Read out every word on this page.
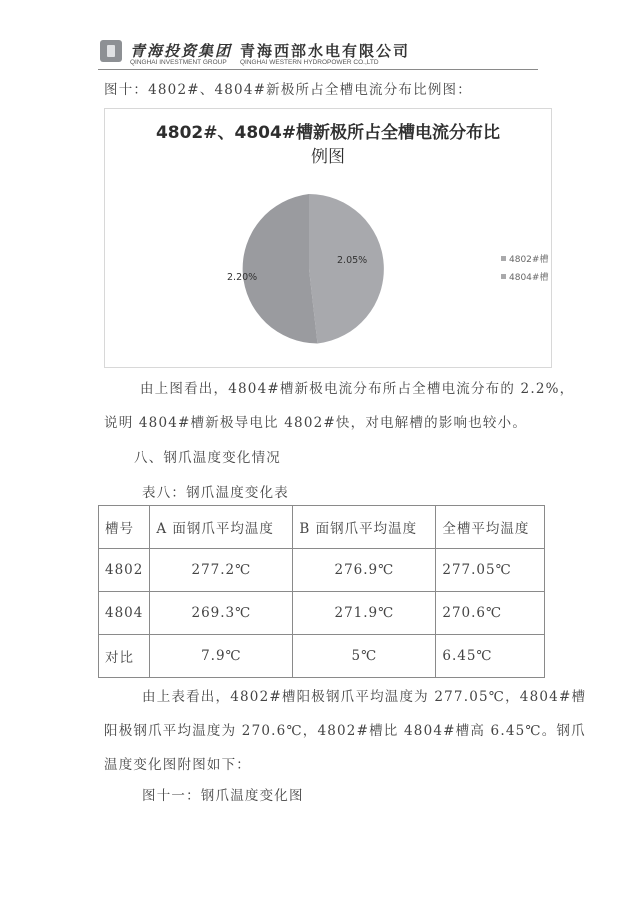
青海投资集团 青海西部水电有限公司
QINGHAI INVESTMENT GROUP QINGHAI WESTERN HYDROPOWER CO.,LTD
图十：4802#、4804#新极所占全槽电流分布比例图：
4802#、4804#槽新极所占全槽电流分布比
例图
2.05%
2.20%
4802#槽
4804#槽
由上图看出，4804#槽新极电流分布所占全槽电流分布的 2.2%，
说明 4804#槽新极导电比 4802#快，对电解槽的影响也较小。
八、钢爪温度变化情况
表八：钢爪温度变化表
槽号	A 面钢爪平均温度	B 面钢爪平均温度	全槽平均温度
4802	277.2℃	276.9℃	277.05℃
4804	269.3℃	271.9℃	270.6℃
对比	7.9℃	5℃	6.45℃
由上表看出，4802#槽阳极钢爪平均温度为 277.05℃，4804#槽
阳极钢爪平均温度为 270.6℃，4802#槽比 4804#槽高 6.45℃。钢爪
温度变化图附图如下：
图十一：钢爪温度变化图
